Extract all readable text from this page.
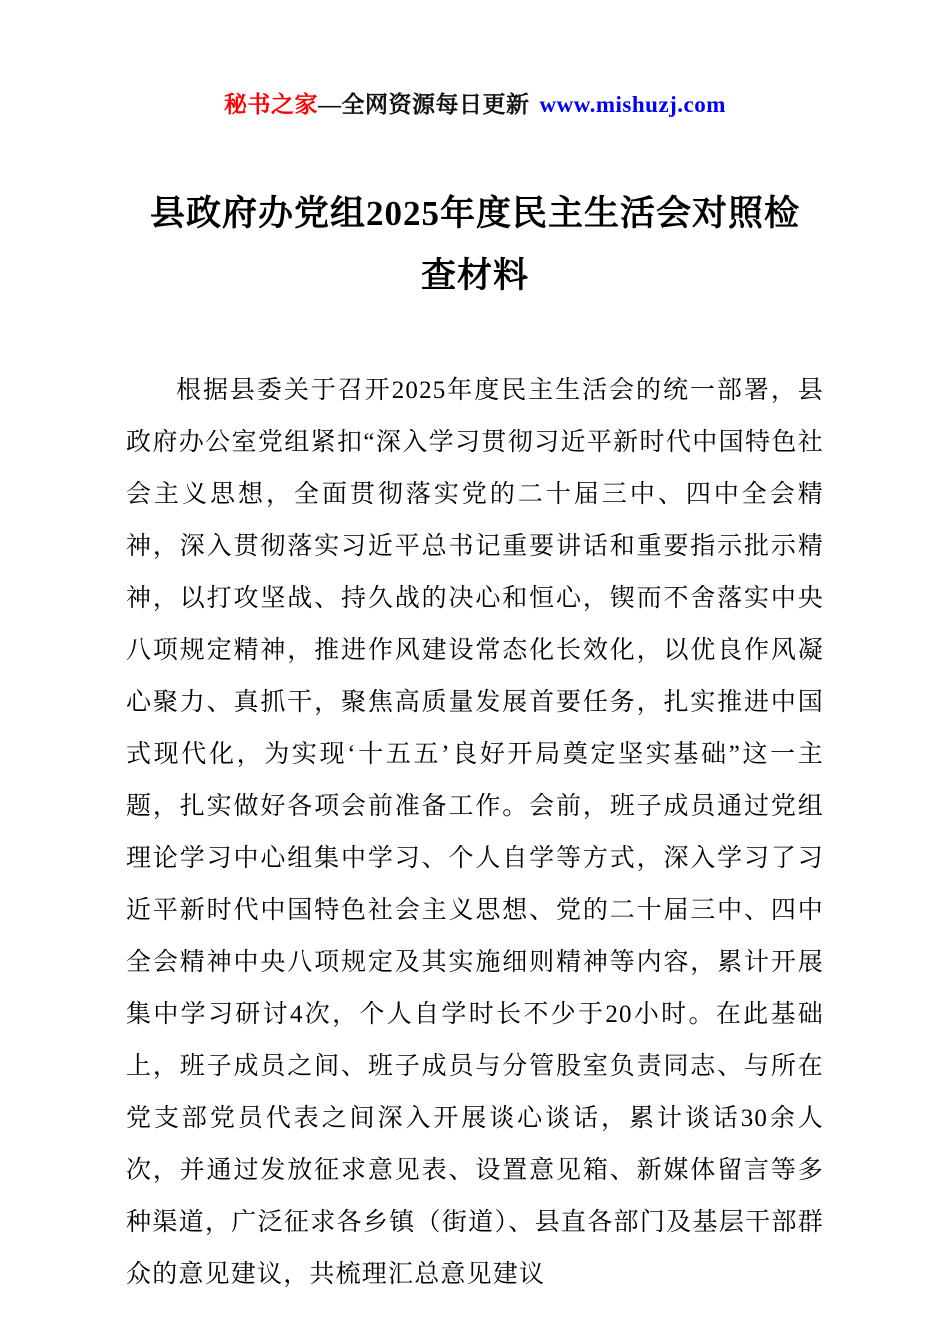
秘书之家—全网资源每日更新 www.mishuzj.com
县政府办党组2025年度民主生活会对照检查材料

根据县委关于召开2025年度民主生活会的统一部署，县政府办公室党组紧扣“深入学习贯彻习近平新时代中国特色社会主义思想，全面贯彻落实党的二十届三中、四中全会精神，深入贯彻落实习近平总书记重要讲话和重要指示批示精神，以打攻坚战、持久战的决心和恒心，锲而不舍落实中央八项规定精神，推进作风建设常态化长效化，以优良作风凝心聚力、真抓干，聚焦高质量发展首要任务，扎实推进中国式现代化，为实现‘十五五’良好开局奠定坚实基础”这一主题，扎实做好各项会前准备工作。会前，班子成员通过党组理论学习中心组集中学习、个人自学等方式，深入学习了习近平新时代中国特色社会主义思想、党的二十届三中、四中全会精神中央八项规定及其实施细则精神等内容，累计开展集中学习研讨4次，个人自学时长不少于20小时。在此基础上，班子成员之间、班子成员与分管股室负责同志、与所在党支部党员代表之间深入开展谈心谈话，累计谈话30余人次，并通过发放征求意见表、设置意见箱、新媒体留言等多种渠道，广泛征求各乡镇（街道）、县直各部门及基层干部群众的意见建议，共梳理汇总意见建议
